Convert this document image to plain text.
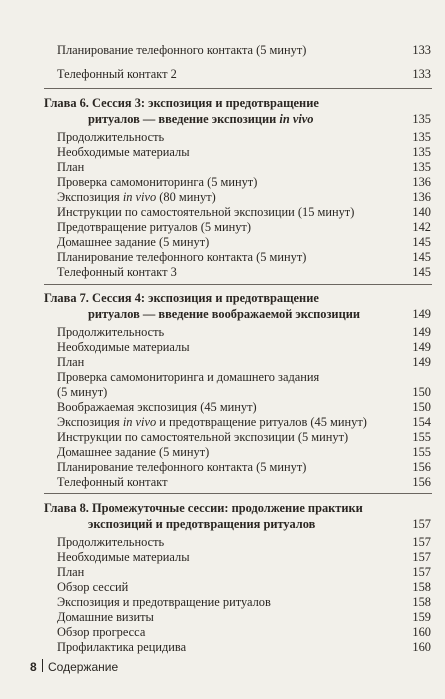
Планирование телефонного контакта (5 минут)	133
Телефонный контакт 2	133
Глава 6. Сессия 3: экспозиция и предотвращение
ритуалов — введение экспозиции in vivo	135
Продолжительность	135
Необходимые материалы	135
План	135
Проверка самомониторинга (5 минут)	136
Экспозиция in vivo (80 минут)	136
Инструкции по самостоятельной экспозиции (15 минут)	140
Предотвращение ритуалов (5 минут)	142
Домашнее задание (5 минут)	145
Планирование телефонного контакта (5 минут)	145
Телефонный контакт 3	145
Глава 7. Сессия 4: экспозиция и предотвращение
ритуалов — введение воображаемой экспозиции	149
Продолжительность	149
Необходимые материалы	149
План	149
Проверка самомониторинга и домашнего задания
(5 минут)	150
Воображаемая экспозиция (45 минут)	150
Экспозиция in vivo и предотвращение ритуалов (45 минут)	154
Инструкции по самостоятельной экспозиции (5 минут)	155
Домашнее задание (5 минут)	155
Планирование телефонного контакта (5 минут)	156
Телефонный контакт	156
Глава 8. Промежуточные сессии: продолжение практики
экспозиций и предотвращения ритуалов	157
Продолжительность	157
Необходимые материалы	157
План	157
Обзор сессий	158
Экспозиция и предотвращение ритуалов	158
Домашние визиты	159
Обзор прогресса	160
Профилактика рецидива	160
8 Содержание
